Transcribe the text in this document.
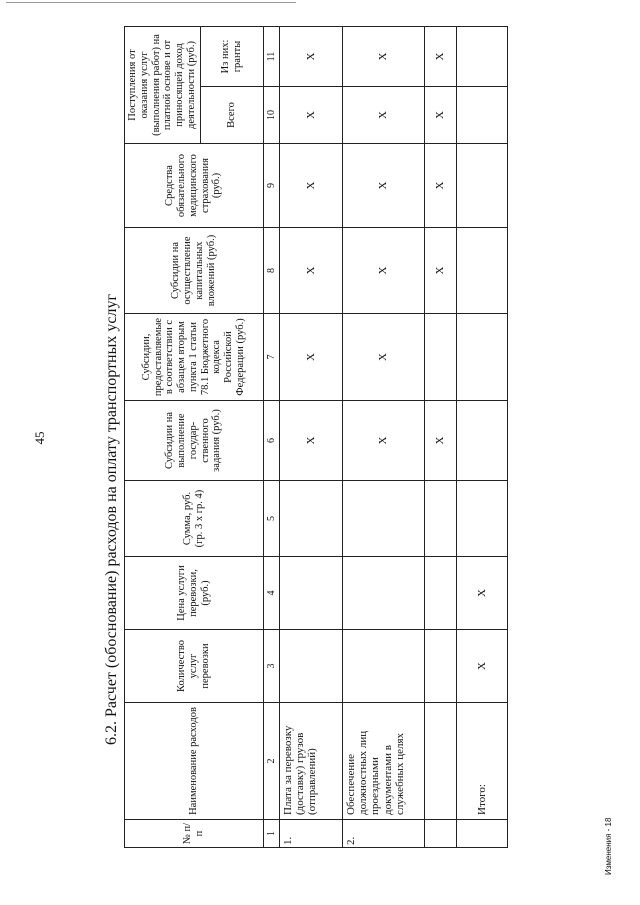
45	6.2. Расчет (обоснование) расходов на оплату транспортных услуг
Изменения - 18
№ п/п	Наименование расходов	Количество услуг перевозки	Цена услуги перевозки, (руб.)	Сумма, руб. (гр. 3 х гр. 4)	Субсидии на выполнение государ-ственного задания (руб.)	Субсидии, предоставляемые в соответствии с абзацем вторым пункта 1 статьи 78.1 Бюджетного кодекса Российской Федерации (руб.)	Субсидии на осуществление капитальных вложений (руб.)	Средства обязательного медицинского страхования (руб.)	Поступления от оказания услуг (выполнения работ) на платной основе и от приносящей доход деятельности (руб.)	
									Всего	Из них: гранты
1	2	3	4	5	6	7	8	9	10	11
1.	Плата за перевозку (доставку) грузов (отправлений)				X	X	X	X	X	X
2.	Обеспечение должностных лиц проездными документами в служебных целях				X	X	X	X	X	X
					X		X	X	X	X
	Итого:	X	X							
